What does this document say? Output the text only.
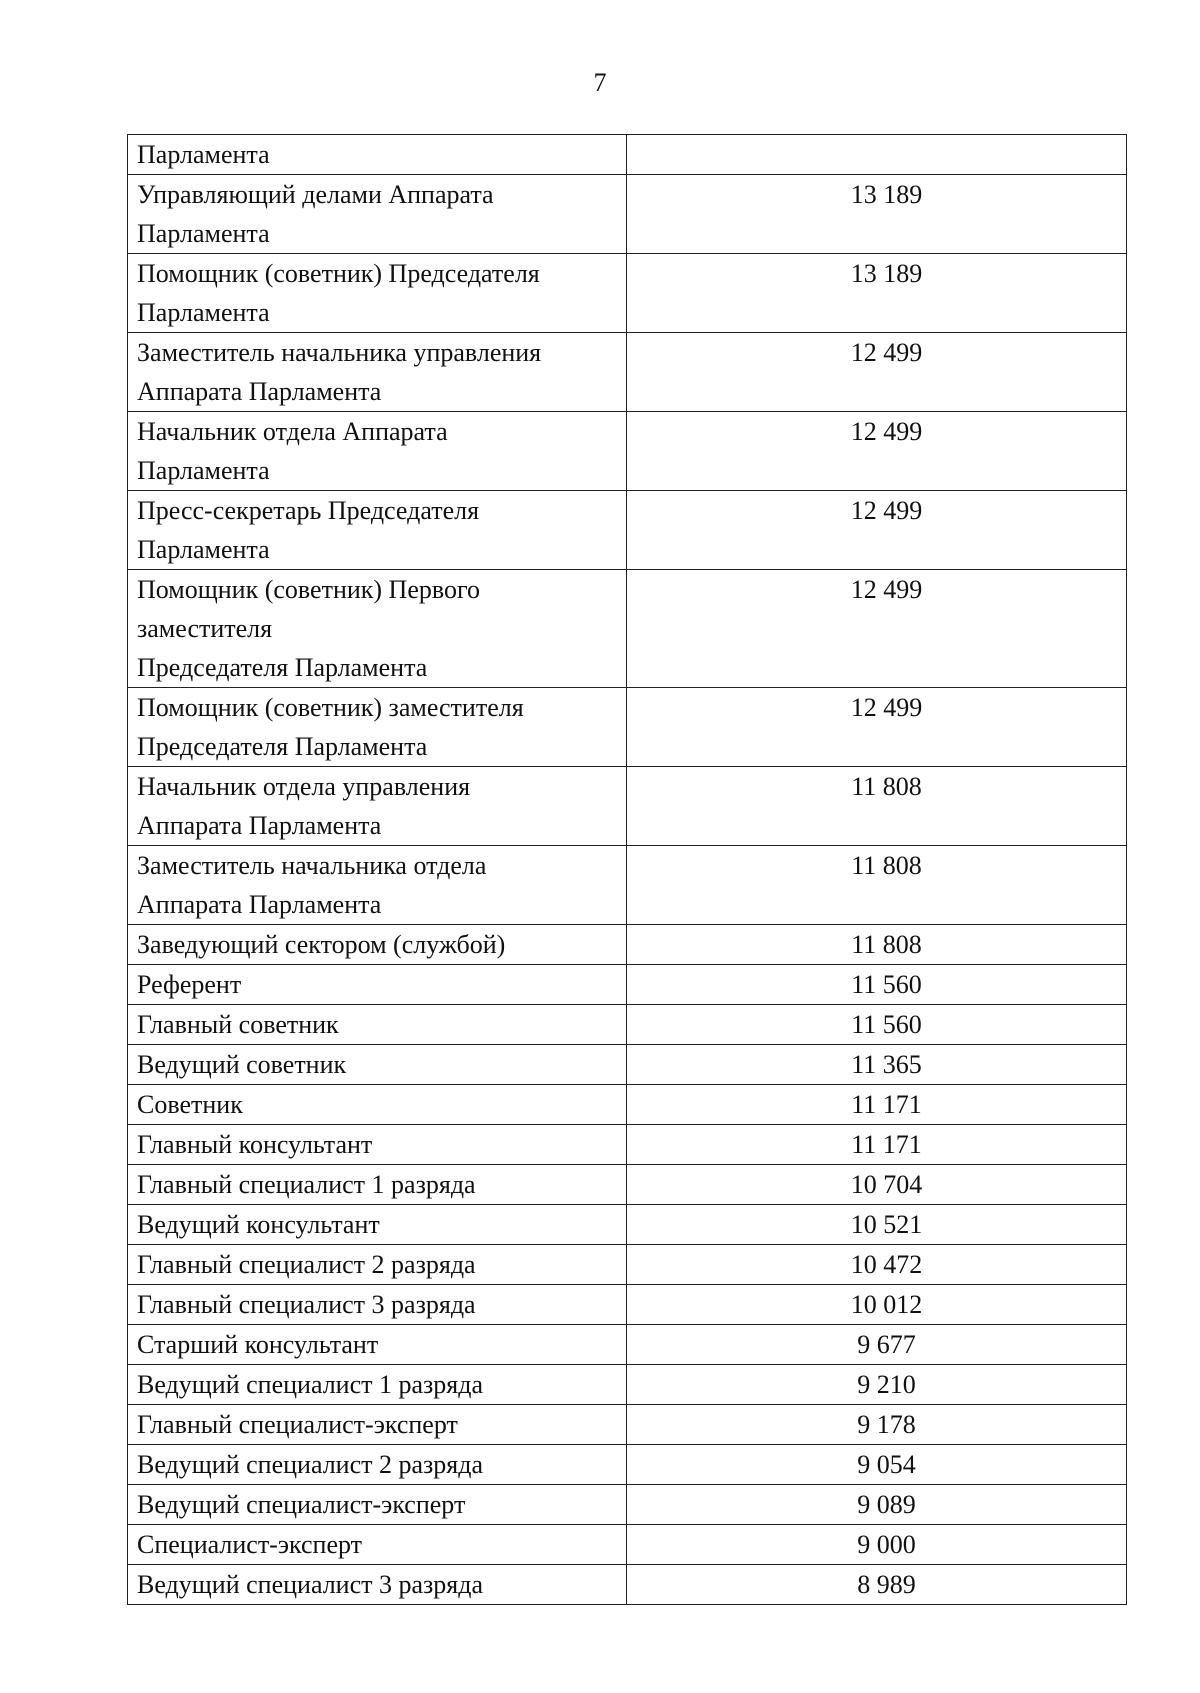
7
Парламента	

Управляющий делами Аппарата
Парламента	13 189

Помощник (советник) Председателя
Парламента	13 189

Заместитель начальника управления
Аппарата Парламента	12 499

Начальник отдела Аппарата
Парламента	12 499

Пресс-секретарь Председателя
Парламента	12 499

Помощник (советник) Первого
заместителя
Председателя Парламента	12 499

Помощник (советник) заместителя
Председателя Парламента	12 499

Начальник отдела управления
Аппарата Парламента	11 808

Заместитель начальника отдела
Аппарата Парламента	11 808

Заведующий сектором (службой)	11 808

Референт	11 560

Главный советник	11 560

Ведущий советник	11 365

Советник	11 171

Главный консультант	11 171

Главный специалист 1 разряда	10 704

Ведущий консультант	10 521

Главный специалист 2 разряда	10 472

Главный специалист 3 разряда	10 012

Старший консультант	9 677

Ведущий специалист 1 разряда	9 210

Главный специалист-эксперт	9 178

Ведущий специалист 2 разряда	9 054

Ведущий специалист-эксперт	9 089

Специалист-эксперт	9 000

Ведущий специалист 3 разряда	8 989
